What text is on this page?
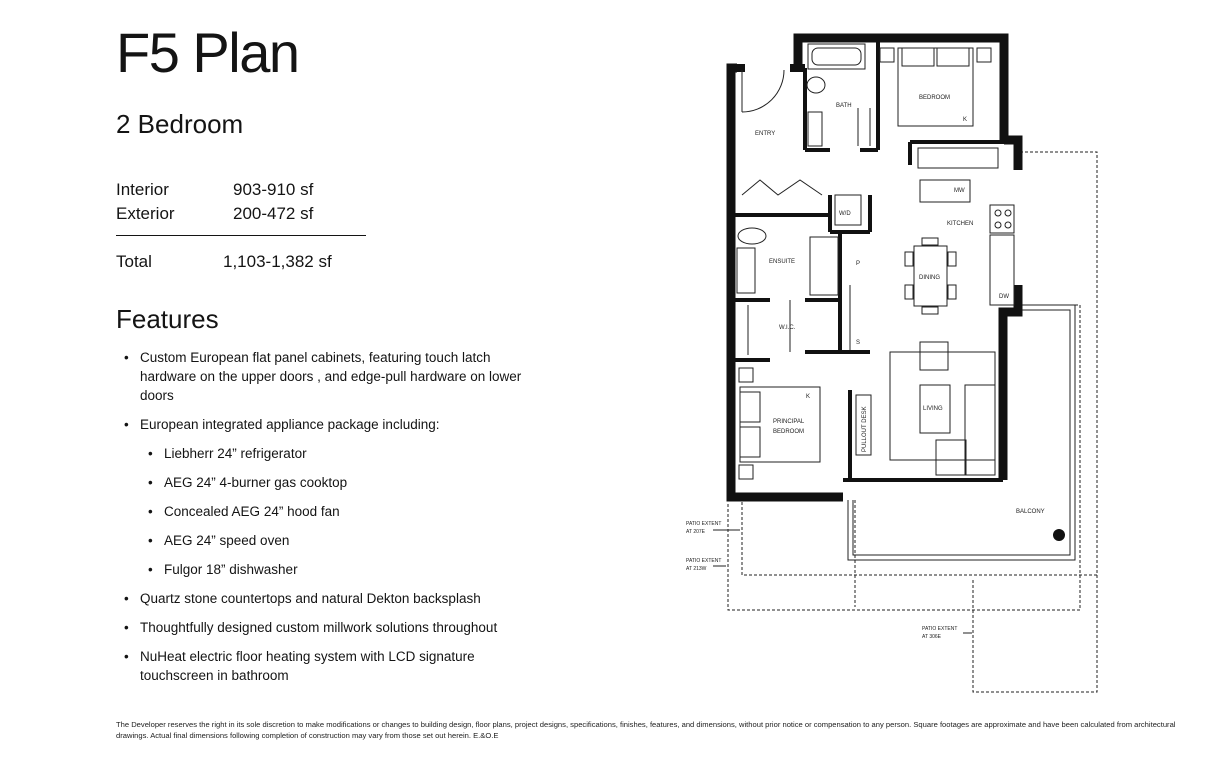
F5 Plan
2 Bedroom
Interior	903-910 sf
Exterior	200-472 sf
Total	1,103-1,382 sf
Features
• Custom European flat panel cabinets, featuring touch latch hardware on the upper doors , and edge-pull hardware on lower doors
• European integrated appliance package including:
• Liebherr 24” refrigerator
• AEG 24” 4-burner gas cooktop
• Concealed AEG 24” hood fan
• AEG 24” speed oven
• Fulgor 18” dishwasher
• Quartz stone countertops and natural Dekton backsplash
• Thoughtfully designed custom millwork solutions throughout
• NuHeat electric floor heating system with LCD signature touchscreen in bathroom
BATH
BEDROOM
K
ENTRY
W/D
KITCHEN
MW
DW
ENSUITE	P
DINING
W.I.C.
S
LIVING
K
PRINCIPAL
BEDROOM	PULLOUT DESK
BALCONY
PATIO EXTENT
AT 207E
PATIO EXTENT
AT 213W
PATIO EXTENT
AT 306E
The Developer reserves the right in its sole discretion to make modifications or changes to building design, floor plans, project designs, specifications, finishes, features, and dimensions, without prior notice or compensation to any person. Square footages are approximate and have been calculated from architectural drawings. Actual final dimensions following completion of construction may vary from those set out herein. E.&O.E
